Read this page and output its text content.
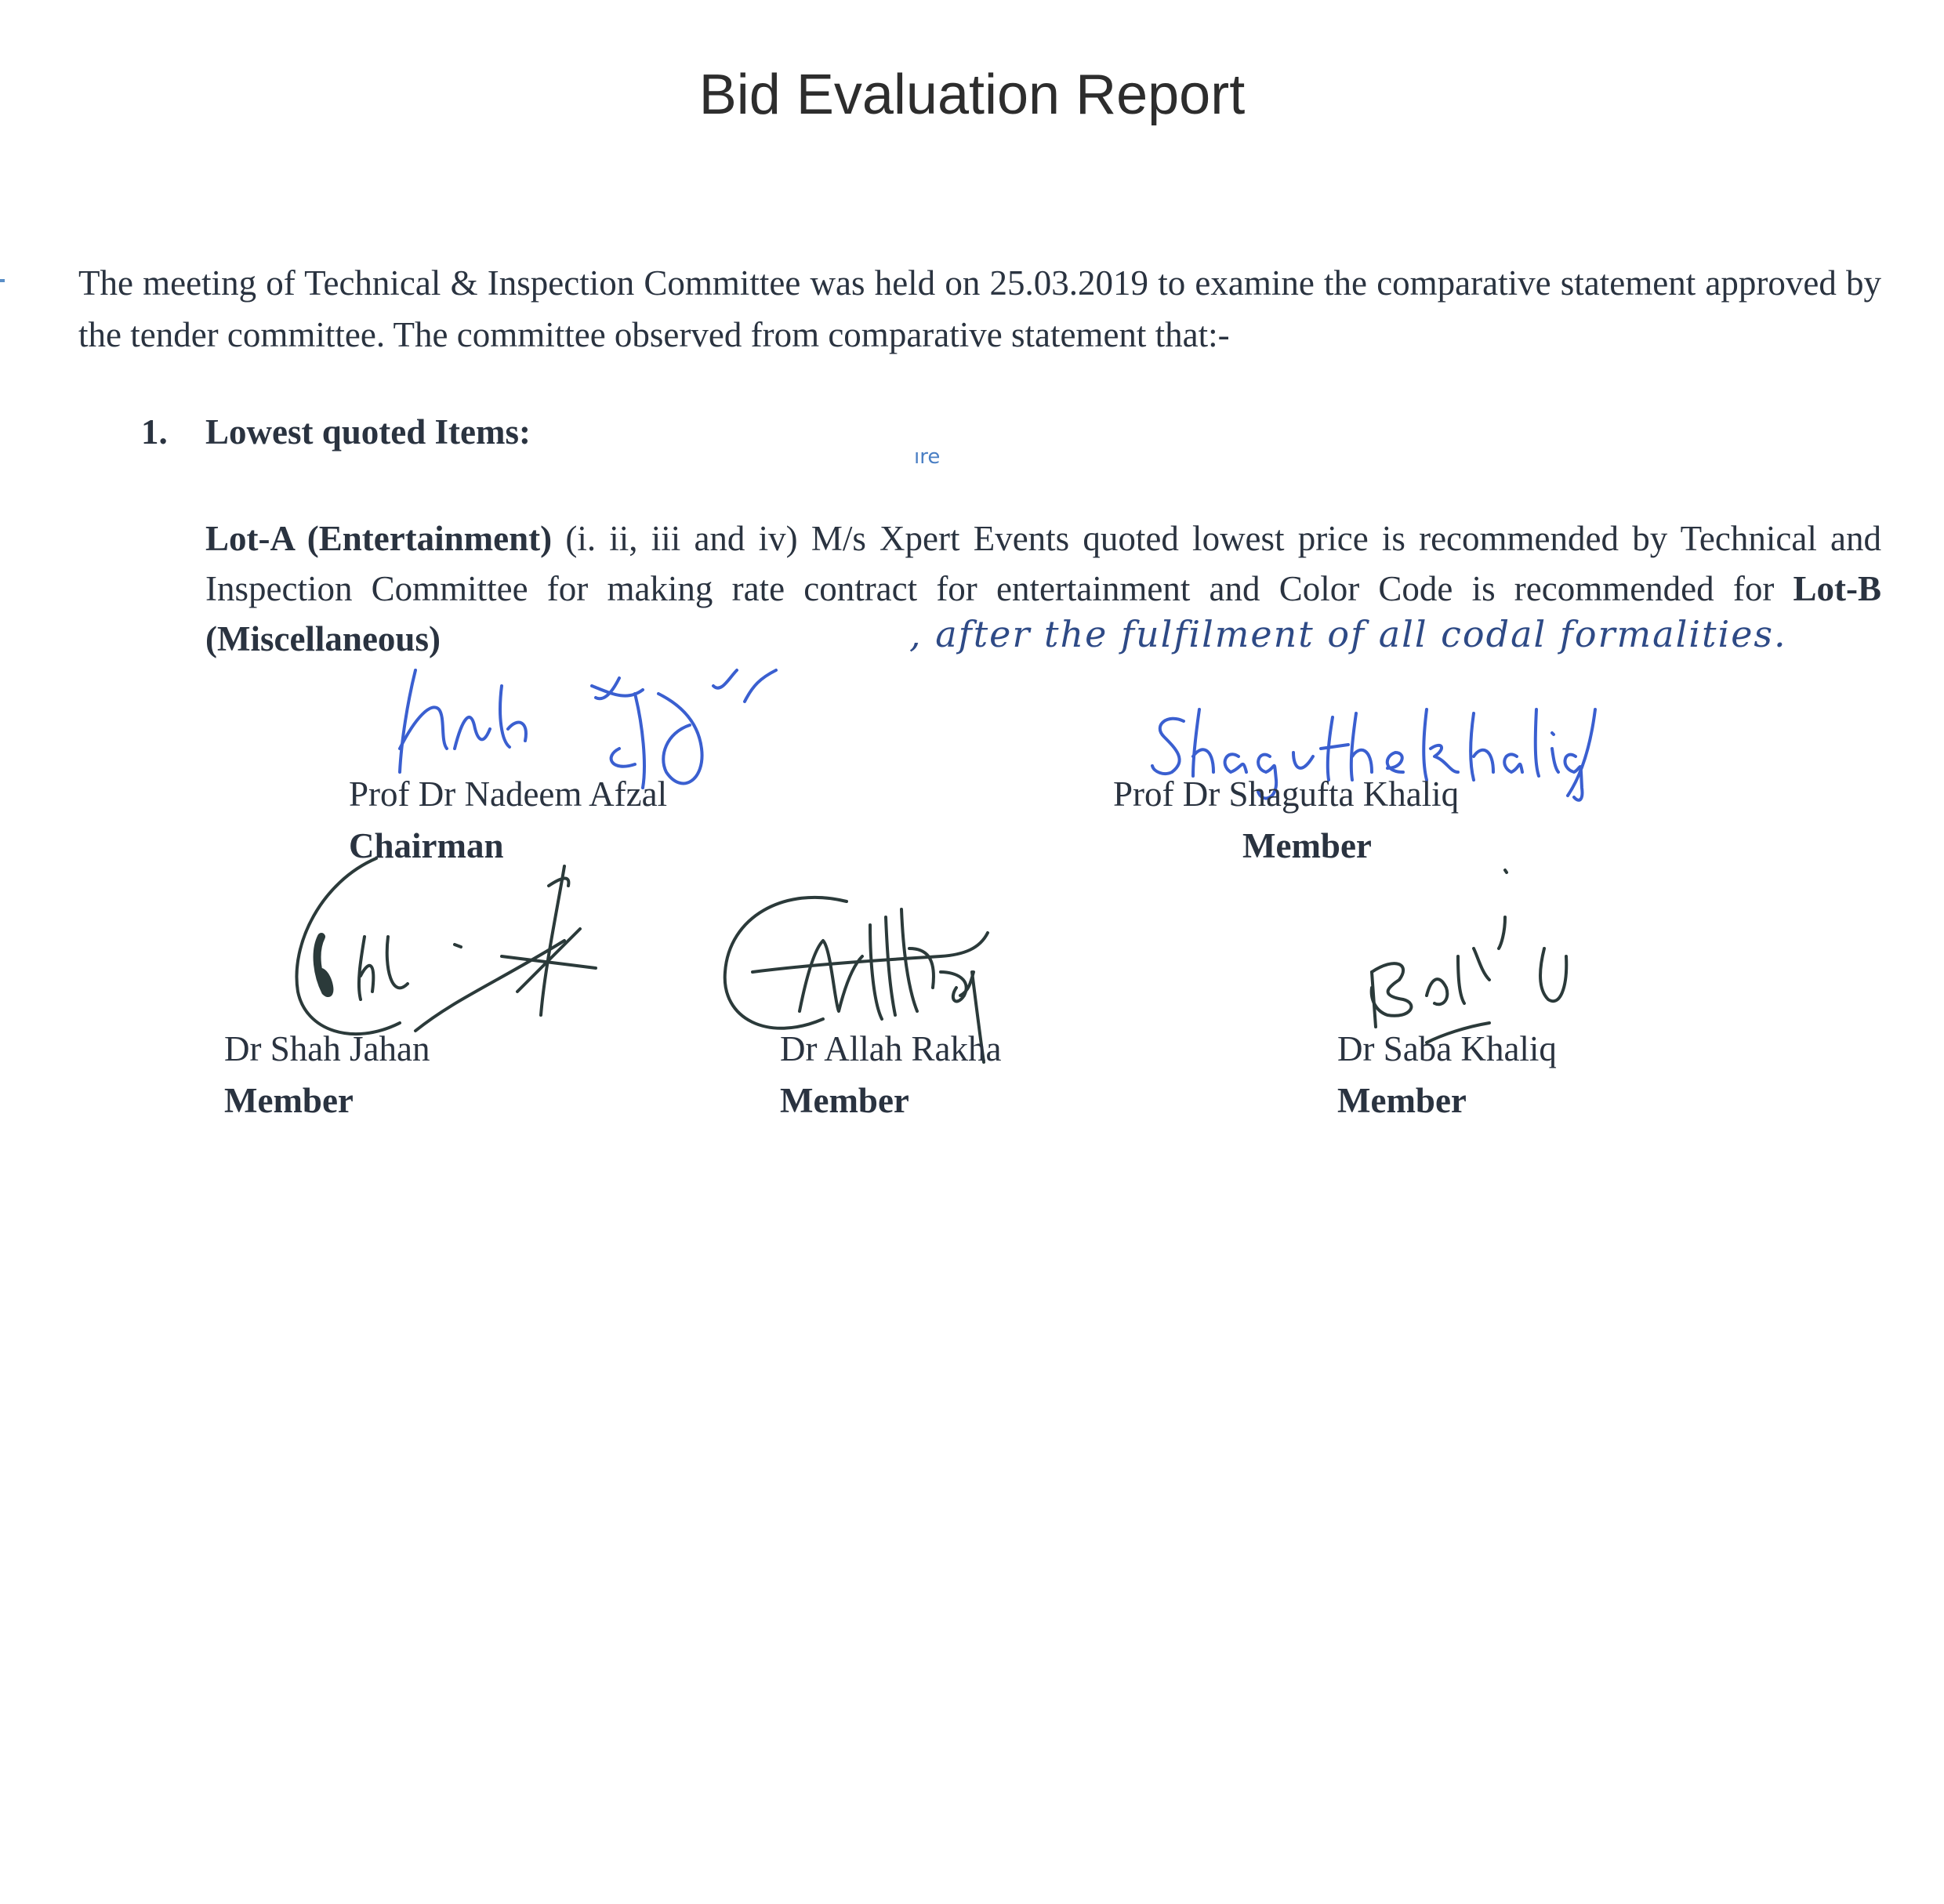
Bid Evaluation Report

The meeting of Technical & Inspection Committee was held on 25.03.2019 to examine the comparative statement approved by the tender committee. The committee observed from comparative statement that:-

1. Lowest quoted Items:

ıre

Lot-A (Entertainment) (i. ii, iii and iv) M/s Xpert Events quoted lowest price is recommended by Technical and Inspection Committee for making rate contract for entertainment and Color Code is recommended for Lot-B (Miscellaneous)	, after the fulfilment of all codal formalities.
Prof Dr Nadeem Afzal
Chairman
Prof Dr Shagufta Khaliq
Member
Dr Shah Jahan
Member
Dr Allah Rakha
Member
Dr Saba Khaliq
Member
